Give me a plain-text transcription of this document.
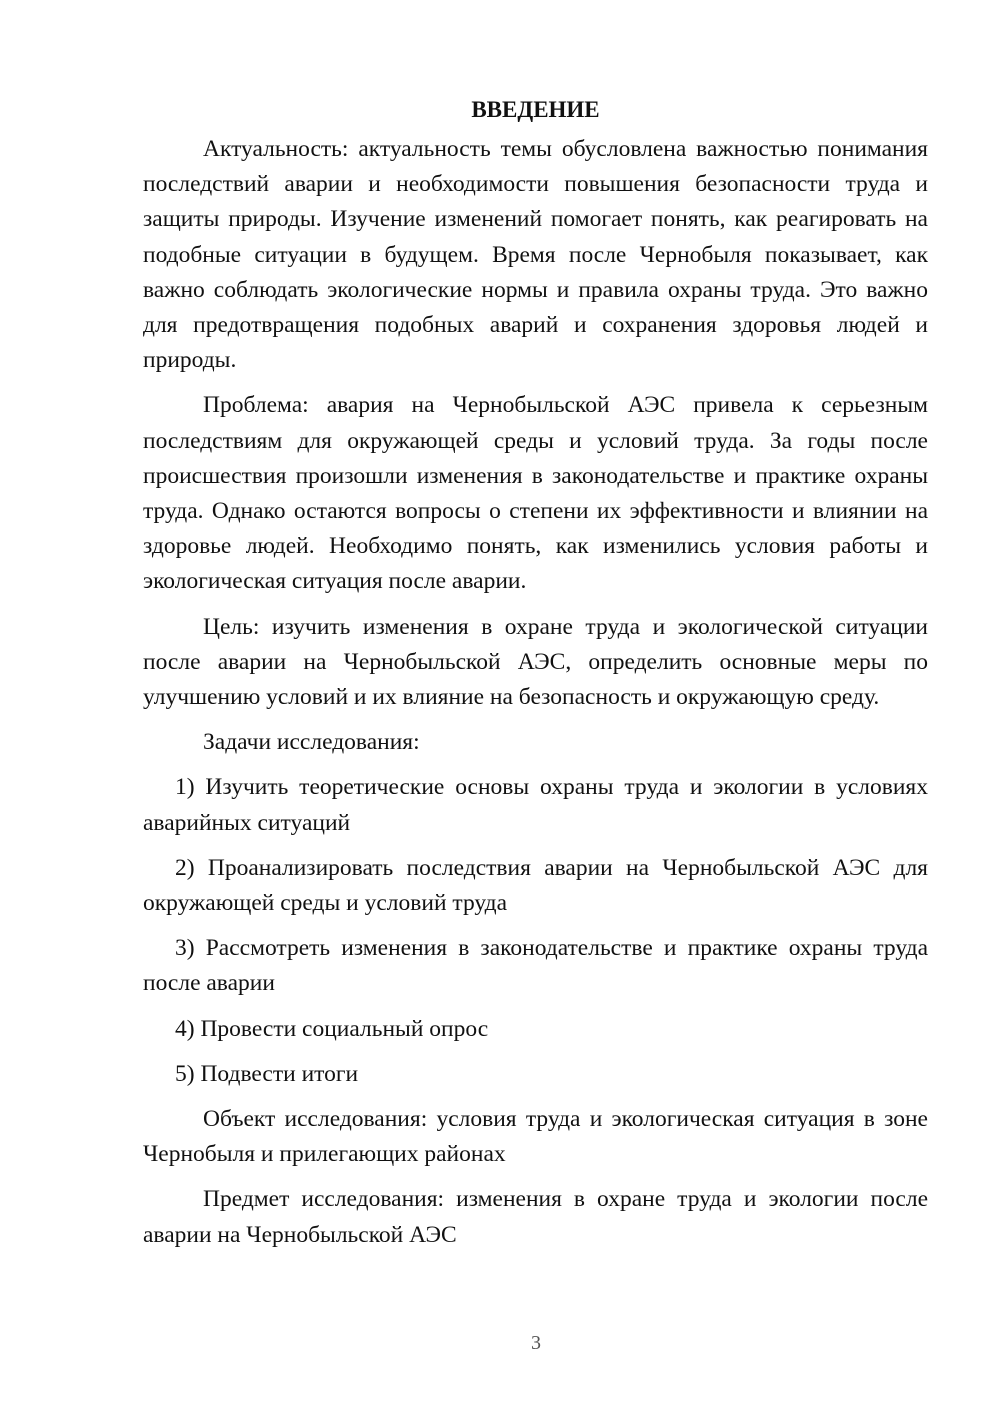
ВВЕДЕНИЕ

Актуальность: актуальность темы обусловлена важностью понимания последствий аварии и необходимости повышения безопасности труда и защиты природы. Изучение изменений помогает понять, как реагировать на подобные ситуации в будущем. Время после Чернобыля показывает, как важно соблюдать экологические нормы и правила охраны труда. Это важно для предотвращения подобных аварий и сохранения здоровья людей и природы.

Проблема: авария на Чернобыльской АЭС привела к серьезным последствиям для окружающей среды и условий труда. За годы после происшествия произошли изменения в законодательстве и практике охраны труда. Однако остаются вопросы о степени их эффективности и влиянии на здоровье людей. Необходимо понять, как изменились условия работы и экологическая ситуация после аварии.

Цель: изучить изменения в охране труда и экологической ситуации после аварии на Чернобыльской АЭС, определить основные меры по улучшению условий и их влияние на безопасность и окружающую среду.

Задачи исследования:

1) Изучить теоретические основы охраны труда и экологии в условиях аварийных ситуаций

2) Проанализировать последствия аварии на Чернобыльской АЭС для окружающей среды и условий труда

3) Рассмотреть изменения в законодательстве и практике охраны труда после аварии

4) Провести социальный опрос

5) Подвести итоги

Объект исследования: условия труда и экологическая ситуация в зоне Чернобыля и прилегающих районах

Предмет исследования: изменения в охране труда и экологии после аварии на Чернобыльской АЭС

3
